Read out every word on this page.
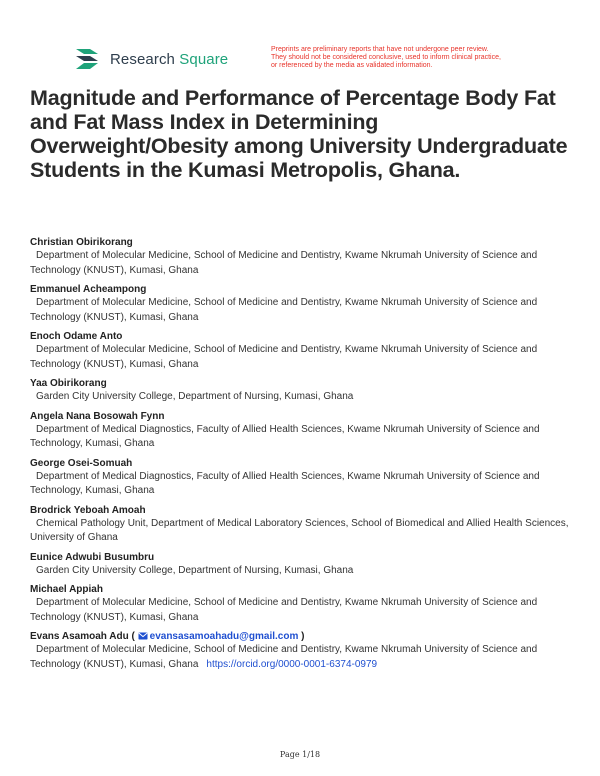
Research Square
Preprints are preliminary reports that have not undergone peer review.
They should not be considered conclusive, used to inform clinical practice,
or referenced by the media as validated information.
Magnitude and Performance of Percentage Body Fat and Fat Mass Index in Determining Overweight/Obesity among University Undergraduate Students in the Kumasi Metropolis, Ghana.
Christian Obirikorang
Department of Molecular Medicine, School of Medicine and Dentistry, Kwame Nkrumah University of Science and Technology (KNUST), Kumasi, Ghana
Emmanuel Acheampong
Department of Molecular Medicine, School of Medicine and Dentistry, Kwame Nkrumah University of Science and Technology (KNUST), Kumasi, Ghana
Enoch Odame Anto
Department of Molecular Medicine, School of Medicine and Dentistry, Kwame Nkrumah University of Science and Technology (KNUST), Kumasi, Ghana
Yaa Obirikorang
Garden City University College, Department of Nursing, Kumasi, Ghana
Angela Nana Bosowah Fynn
Department of Medical Diagnostics, Faculty of Allied Health Sciences, Kwame Nkrumah University of Science and Technology, Kumasi, Ghana
George Osei-Somuah
Department of Medical Diagnostics, Faculty of Allied Health Sciences, Kwame Nkrumah University of Science and Technology, Kumasi, Ghana
Brodrick Yeboah Amoah
Chemical Pathology Unit, Department of Medical Laboratory Sciences, School of Biomedical and Allied Health Sciences, University of Ghana
Eunice Adwubi Busumbru
Garden City University College, Department of Nursing, Kumasi, Ghana
Michael Appiah
Department of Molecular Medicine, School of Medicine and Dentistry, Kwame Nkrumah University of Science and Technology (KNUST), Kumasi, Ghana
Evans Asamoah Adu ( evansasamoahadu@gmail.com )
Department of Molecular Medicine, School of Medicine and Dentistry, Kwame Nkrumah University of Science and Technology (KNUST), Kumasi, Ghana https://orcid.org/0000-0001-6374-0979
Page 1/18
